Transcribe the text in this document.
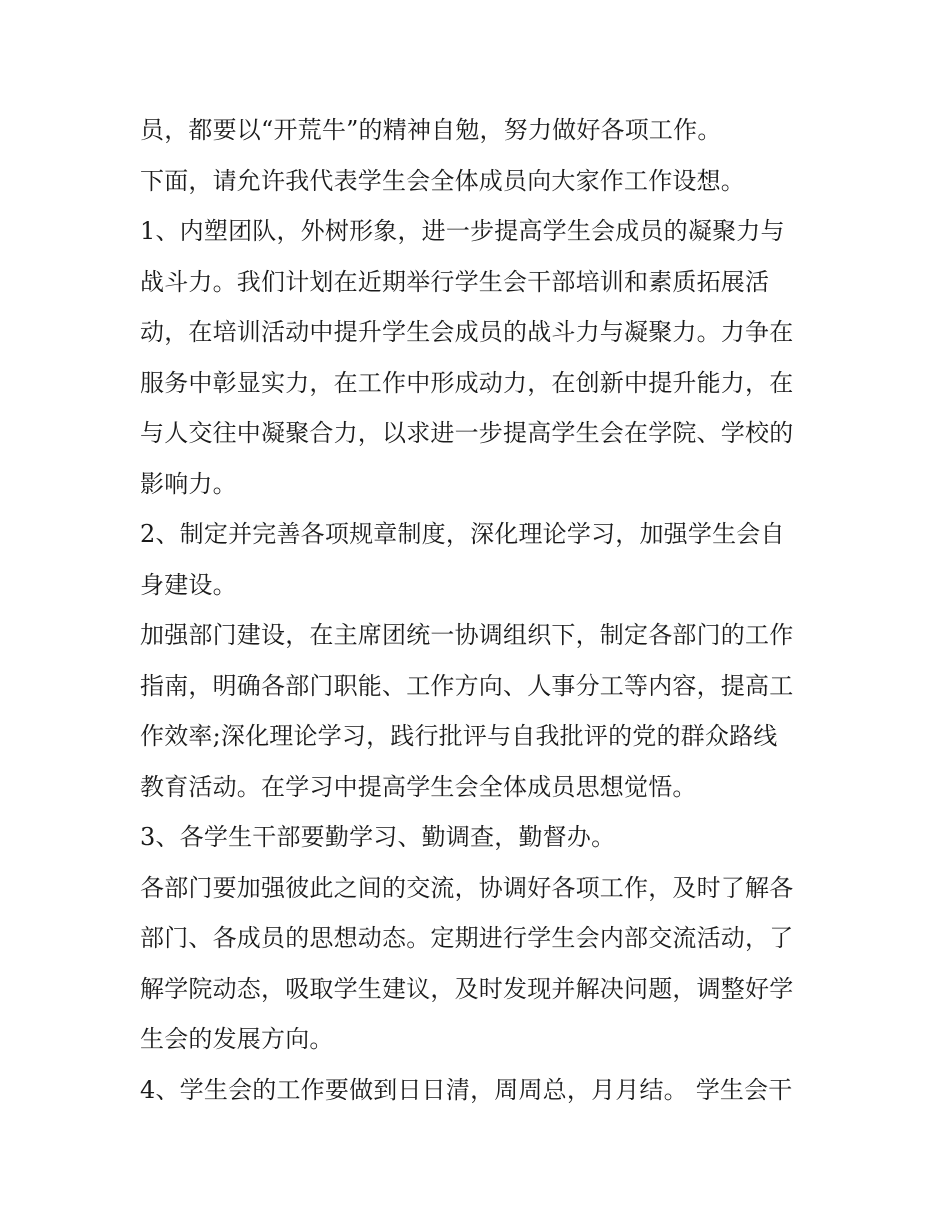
员，都要以“开荒牛”的精神自勉，努力做好各项工作。

下面，请允许我代表学生会全体成员向大家作工作设想。

1、内塑团队，外树形象，进一步提高学生会成员的凝聚力与

战斗力。我们计划在近期举行学生会干部培训和素质拓展活

动，在培训活动中提升学生会成员的战斗力与凝聚力。力争在

服务中彰显实力，在工作中形成动力，在创新中提升能力，在

与人交往中凝聚合力，以求进一步提高学生会在学院、学校的

影响力。

2、制定并完善各项规章制度，深化理论学习，加强学生会自

身建设。

加强部门建设，在主席团统一协调组织下，制定各部门的工作

指南，明确各部门职能、工作方向、人事分工等内容，提高工

作效率;深化理论学习，践行批评与自我批评的党的群众路线

教育活动。在学习中提高学生会全体成员思想觉悟。

3、各学生干部要勤学习、勤调查，勤督办。

各部门要加强彼此之间的交流，协调好各项工作，及时了解各

部门、各成员的思想动态。定期进行学生会内部交流活动，了

解学院动态，吸取学生建议，及时发现并解决问题，调整好学

生会的发展方向。

4、学生会的工作要做到日日清，周周总，月月结。 学生会干
